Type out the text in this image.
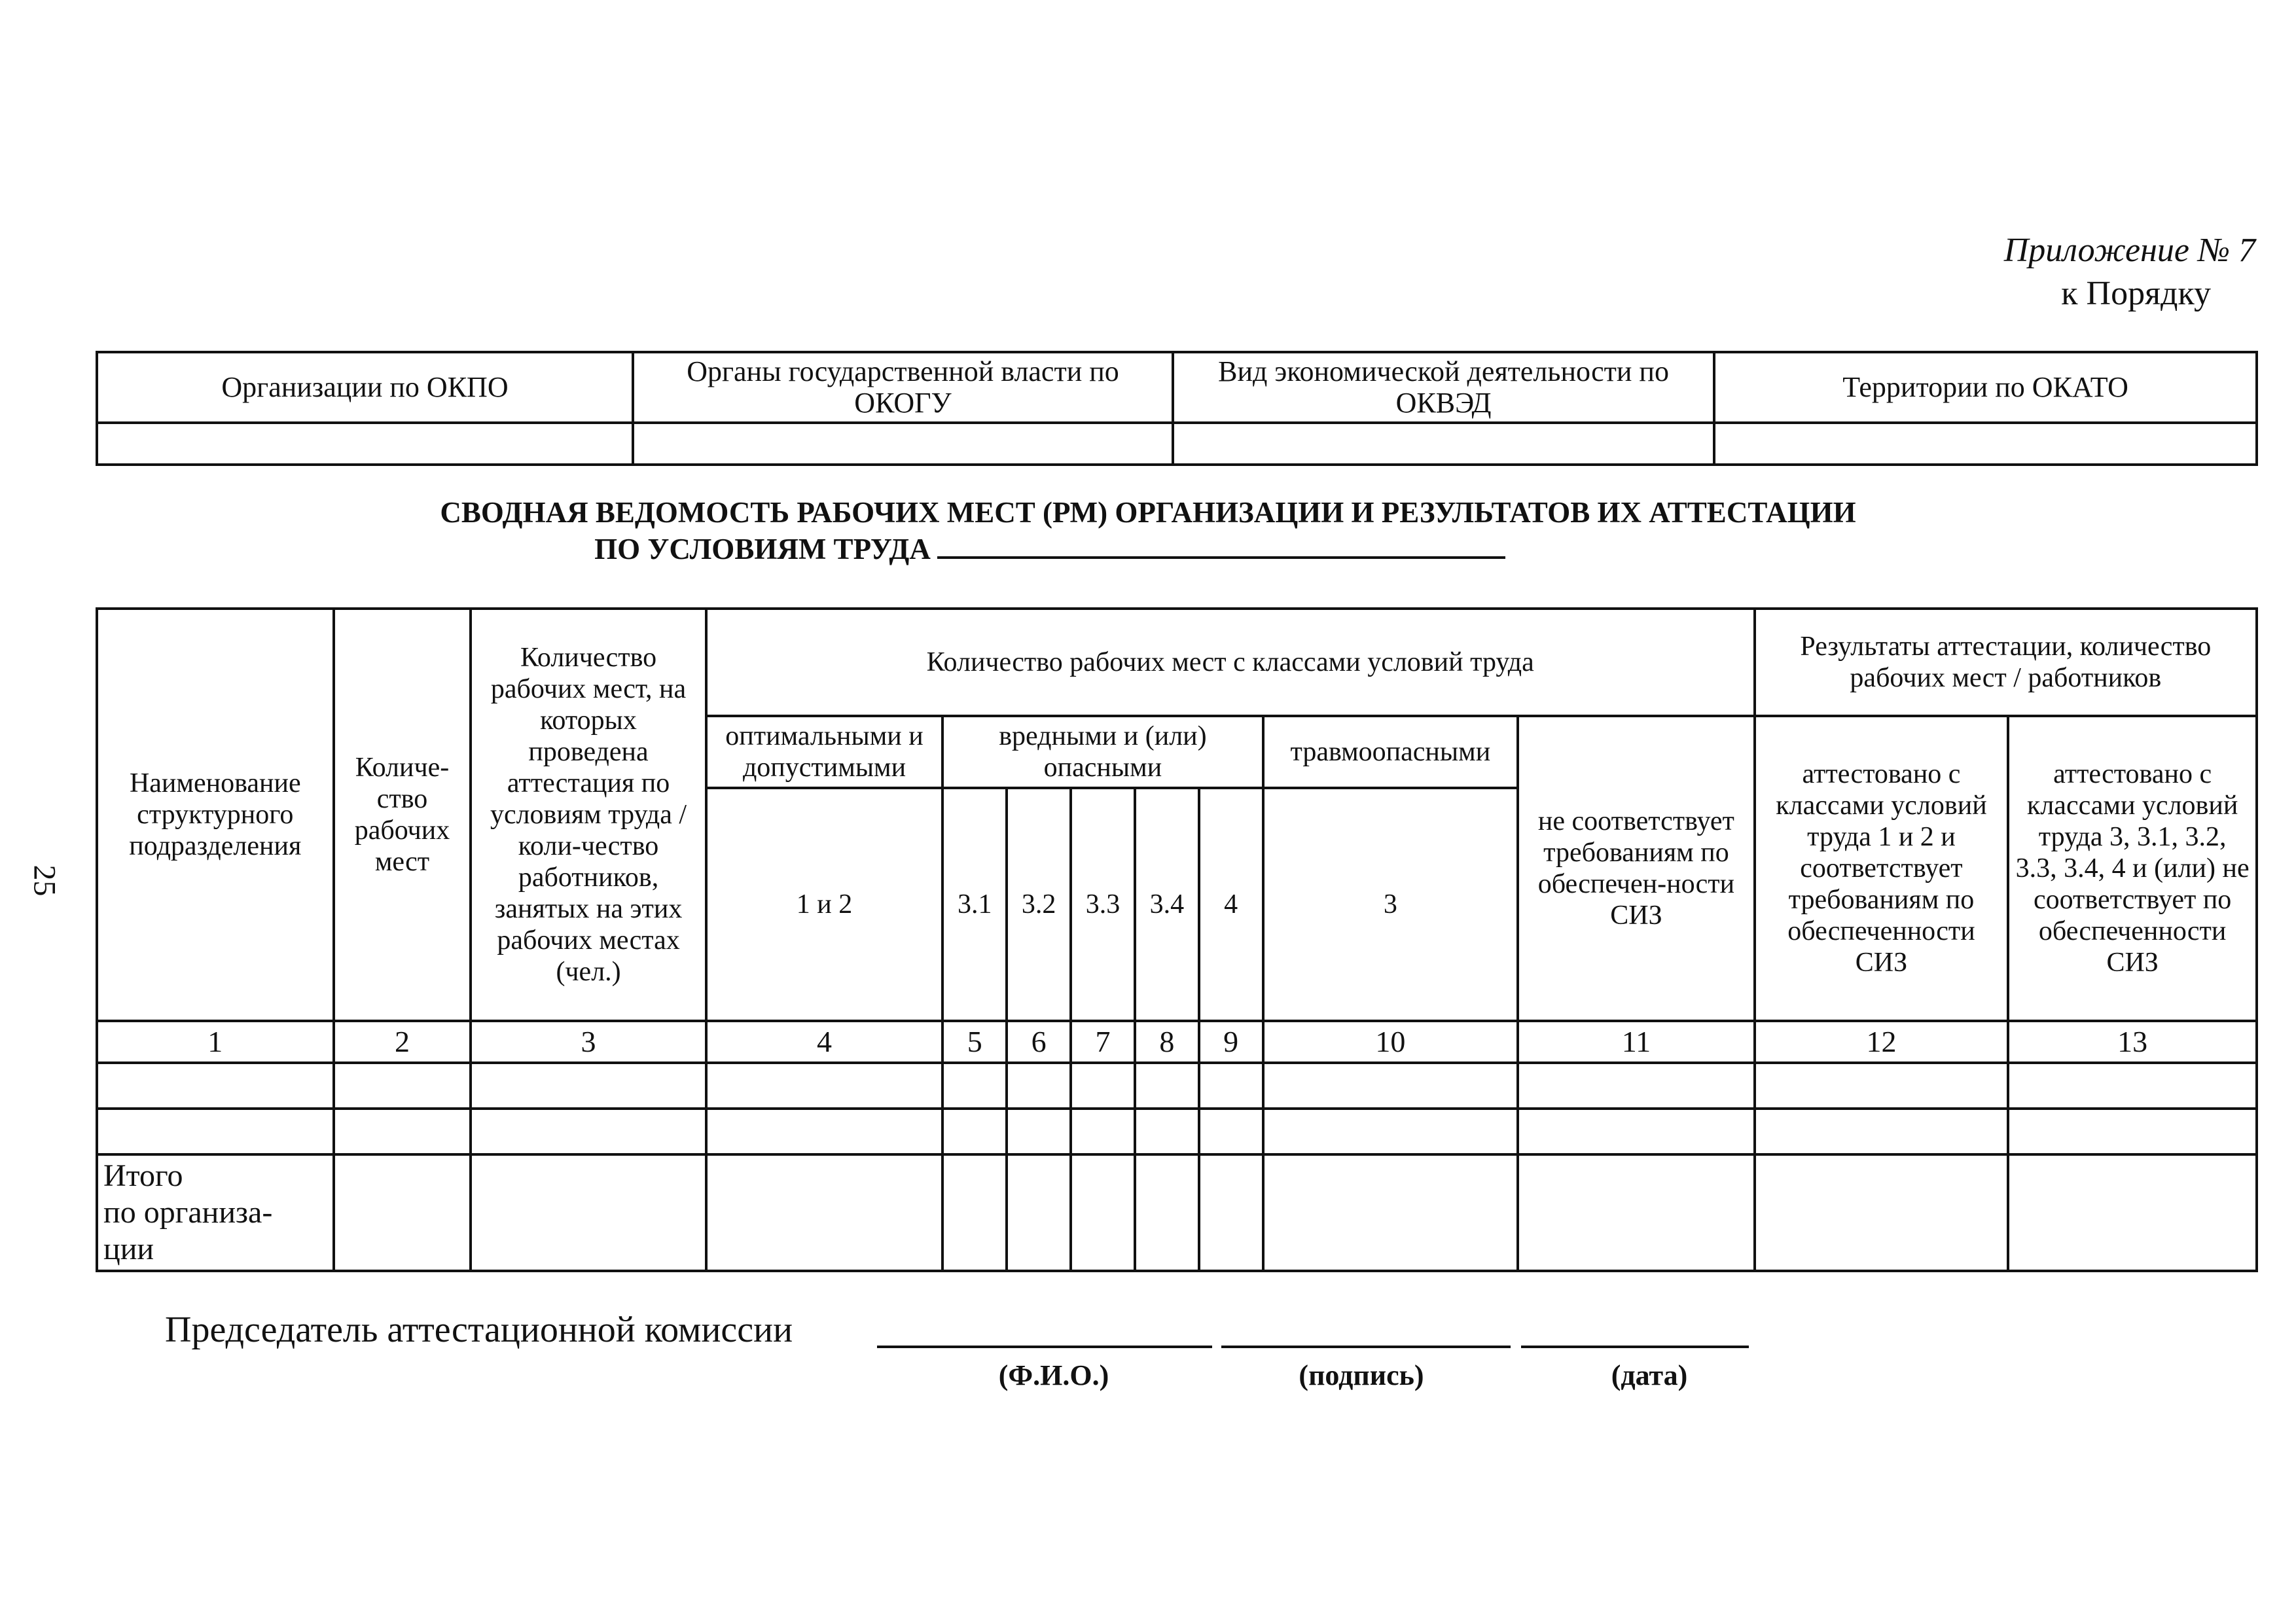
Приложение № 7
к Порядку
25
Организации по ОКПО	Органы государственной власти по ОКОГУ	Вид экономической деятельности по ОКВЭД	Территории по ОКАТО

СВОДНАЯ ВЕДОМОСТЬ РАБОЧИХ МЕСТ (РМ) ОРГАНИЗАЦИИ И РЕЗУЛЬТАТОВ ИХ АТТЕСТАЦИИ
ПО УСЛОВИЯМ ТРУДА
Наименование структурного подразделения	Количе-ство рабочих мест	Количество рабочих мест, на которых проведена аттестация по условиям труда / коли-чество работников, занятых на этих рабочих местах (чел.)	Количество рабочих мест с классами условий труда								Результаты аттестации, количество рабочих мест / работников	
			оптимальными и допустимыми	вредными и (или) опасными					травмоопасными	не соответствует требованиям по обеспечен-ности СИЗ	аттестовано с классами условий труда 1 и 2 и соответствует требованиям по обеспеченности СИЗ	аттестовано с классами условий труда 3, 3.1, 3.2, 3.3, 3.4, 4 и (или) не соответствует по обеспеченности СИЗ
			1 и 2	3.1	3.2	3.3	3.4	4	3			
1	2	3	4	5	6	7	8	9	10	11	12	13

Итого
по организа-
ции												

Председатель аттестационной комиссии
(Ф.И.О.)	(подпись)	(дата)
